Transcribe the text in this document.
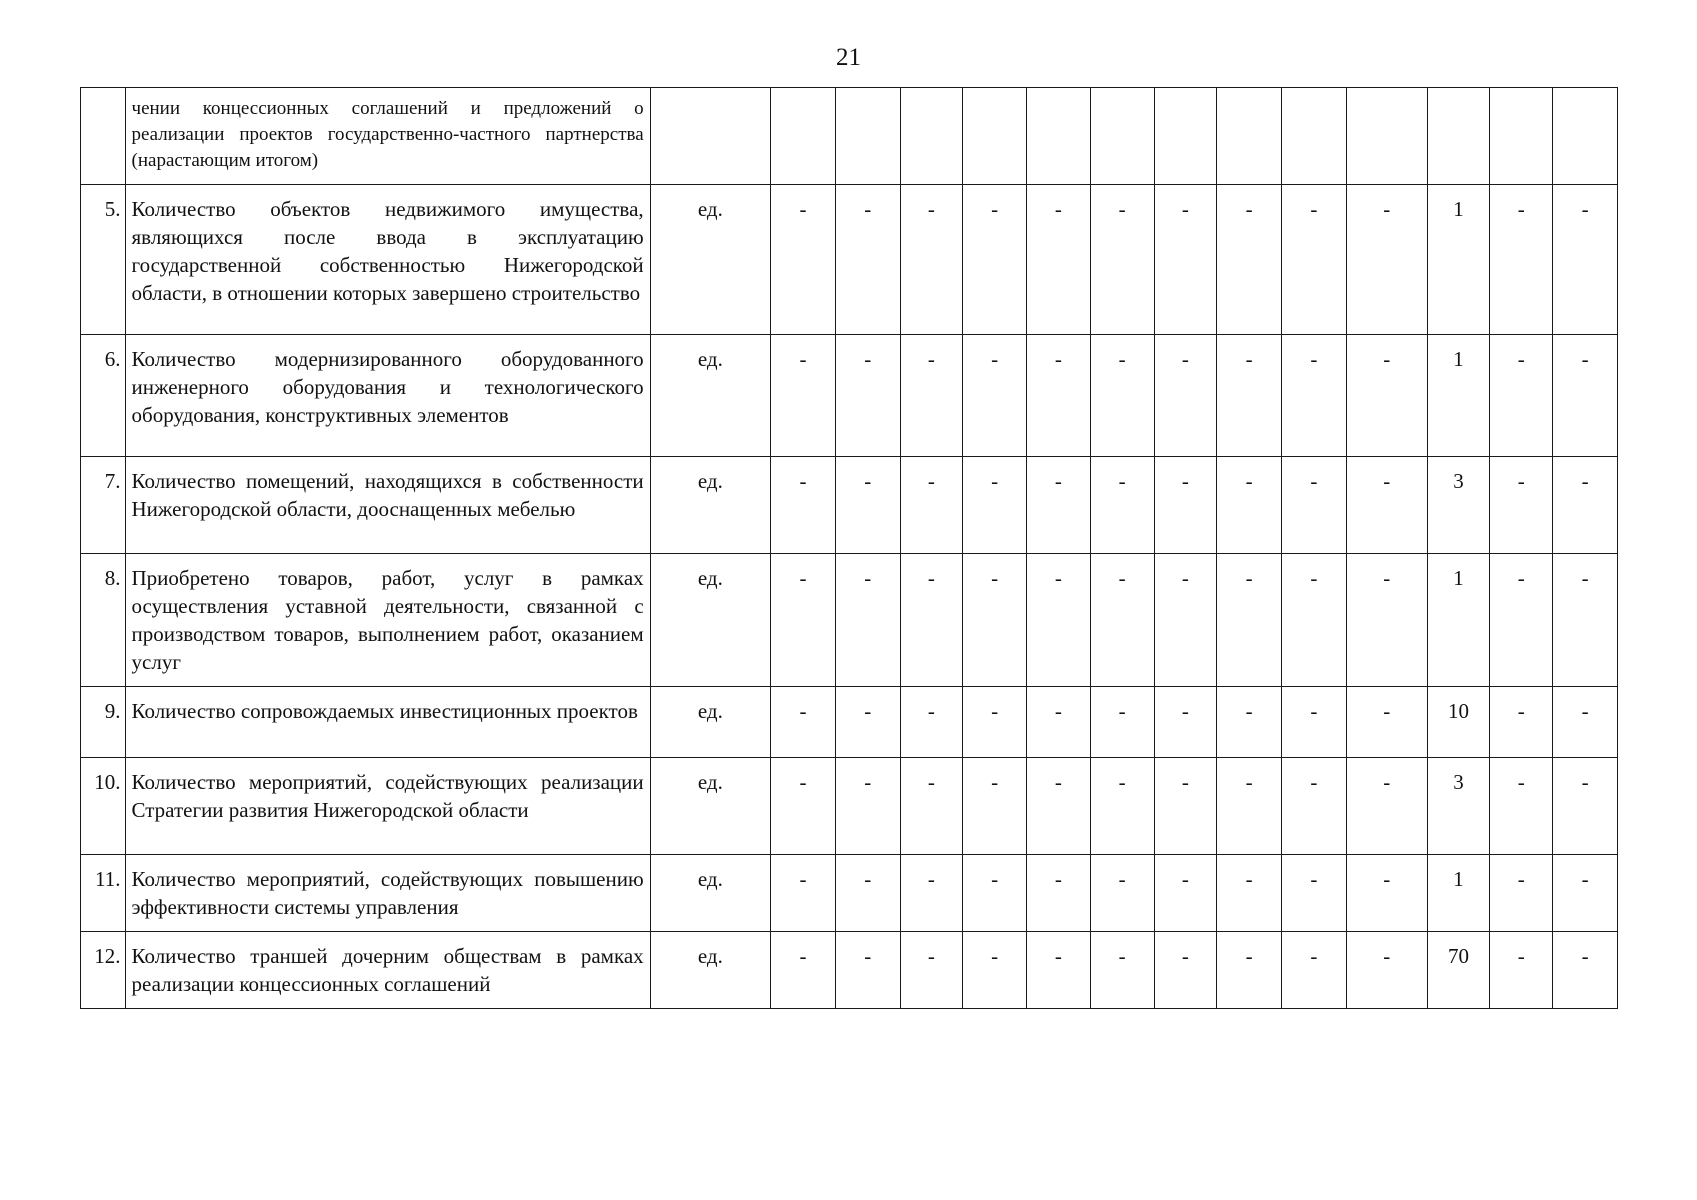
21
	чении концессионных соглашений и предложений о реализации проектов государственно-частного партнерства (нарастающим итогом)														
5.	Количество объектов недвижимого имущества, являющихся после ввода в эксплуатацию государственной собственностью Нижегородской области, в отношении которых завершено строительство	ед.	-	-	-	-	-	-	-	-	-	-	1	-	-
6.	Количество модернизированного оборудованного инженерного оборудования и технологического оборудования, конструктивных элементов	ед.	-	-	-	-	-	-	-	-	-	-	1	-	-
7.	Количество помещений, находящихся в собственности Нижегородской области, дооснащенных мебелью	ед.	-	-	-	-	-	-	-	-	-	-	3	-	-
8.	Приобретено товаров, работ, услуг в рамках осуществления уставной деятельности, связанной с производством товаров, выполнением работ, оказанием услуг	ед.	-	-	-	-	-	-	-	-	-	-	1	-	-
9.	Количество сопровождаемых инвестиционных проектов	ед.	-	-	-	-	-	-	-	-	-	-	10	-	-
10.	Количество мероприятий, содействующих реализации Стратегии развития Нижегородской области	ед.	-	-	-	-	-	-	-	-	-	-	3	-	-
11.	Количество мероприятий, содействующих повышению эффективности системы управления	ед.	-	-	-	-	-	-	-	-	-	-	1	-	-
12.	Количество траншей дочерним обществам в рамках реализации концессионных соглашений	ед.	-	-	-	-	-	-	-	-	-	-	70	-	-
